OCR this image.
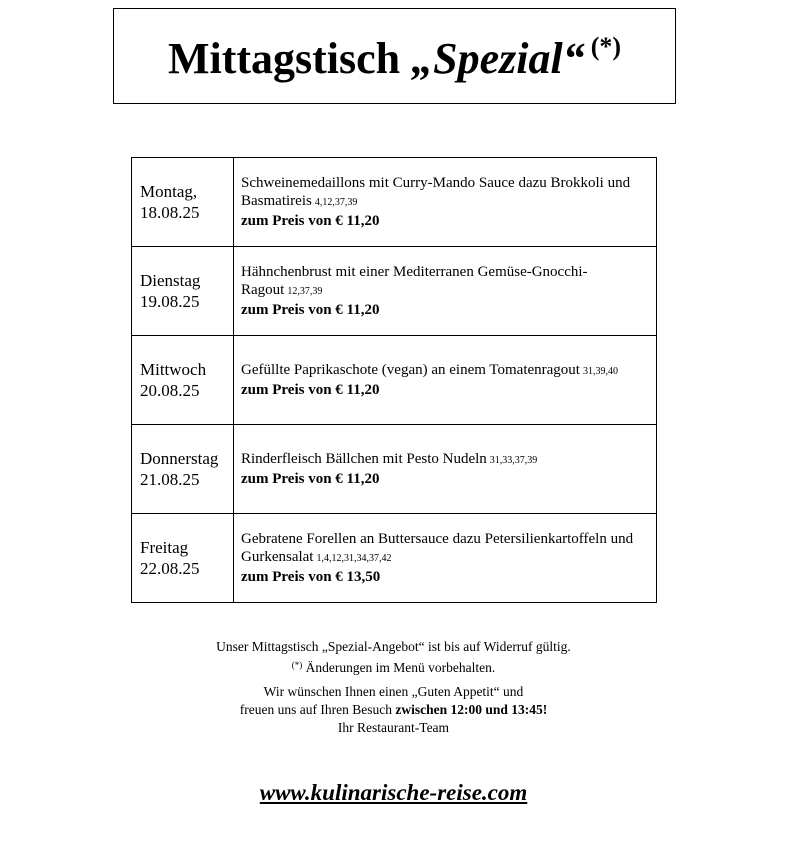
Mittagstisch „Spezial“ (*)
Montag,
18.08.25	Schweinemedaillons mit Curry-Mando Sauce dazu Brokkoli und Basmatireis 4,12,37,39
zum Preis von € 11,20

Dienstag
19.08.25	Hähnchenbrust mit einer Mediterranen Gemüse-Gnocchi-Ragout 12,37,39
zum Preis von € 11,20

Mittwoch
20.08.25	Gefüllte Paprikaschote (vegan) an einem Tomatenragout 31,39,40
zum Preis von € 11,20

Donnerstag
21.08.25	Rinderfleisch Bällchen mit Pesto Nudeln 31,33,37,39
zum Preis von € 11,20

Freitag
22.08.25	Gebratene Forellen an Buttersauce dazu Petersilienkartoffeln und Gurkensalat 1,4,12,31,34,37,42
zum Preis von € 13,50
Unser Mittagstisch „Spezial-Angebot“ ist bis auf Widerruf gültig.
(*) Änderungen im Menü vorbehalten.
Wir wünschen Ihnen einen „Guten Appetit“ und
freuen uns auf Ihren Besuch zwischen 12:00 und 13:45!
Ihr Restaurant-Team
www.kulinarische-reise.com
